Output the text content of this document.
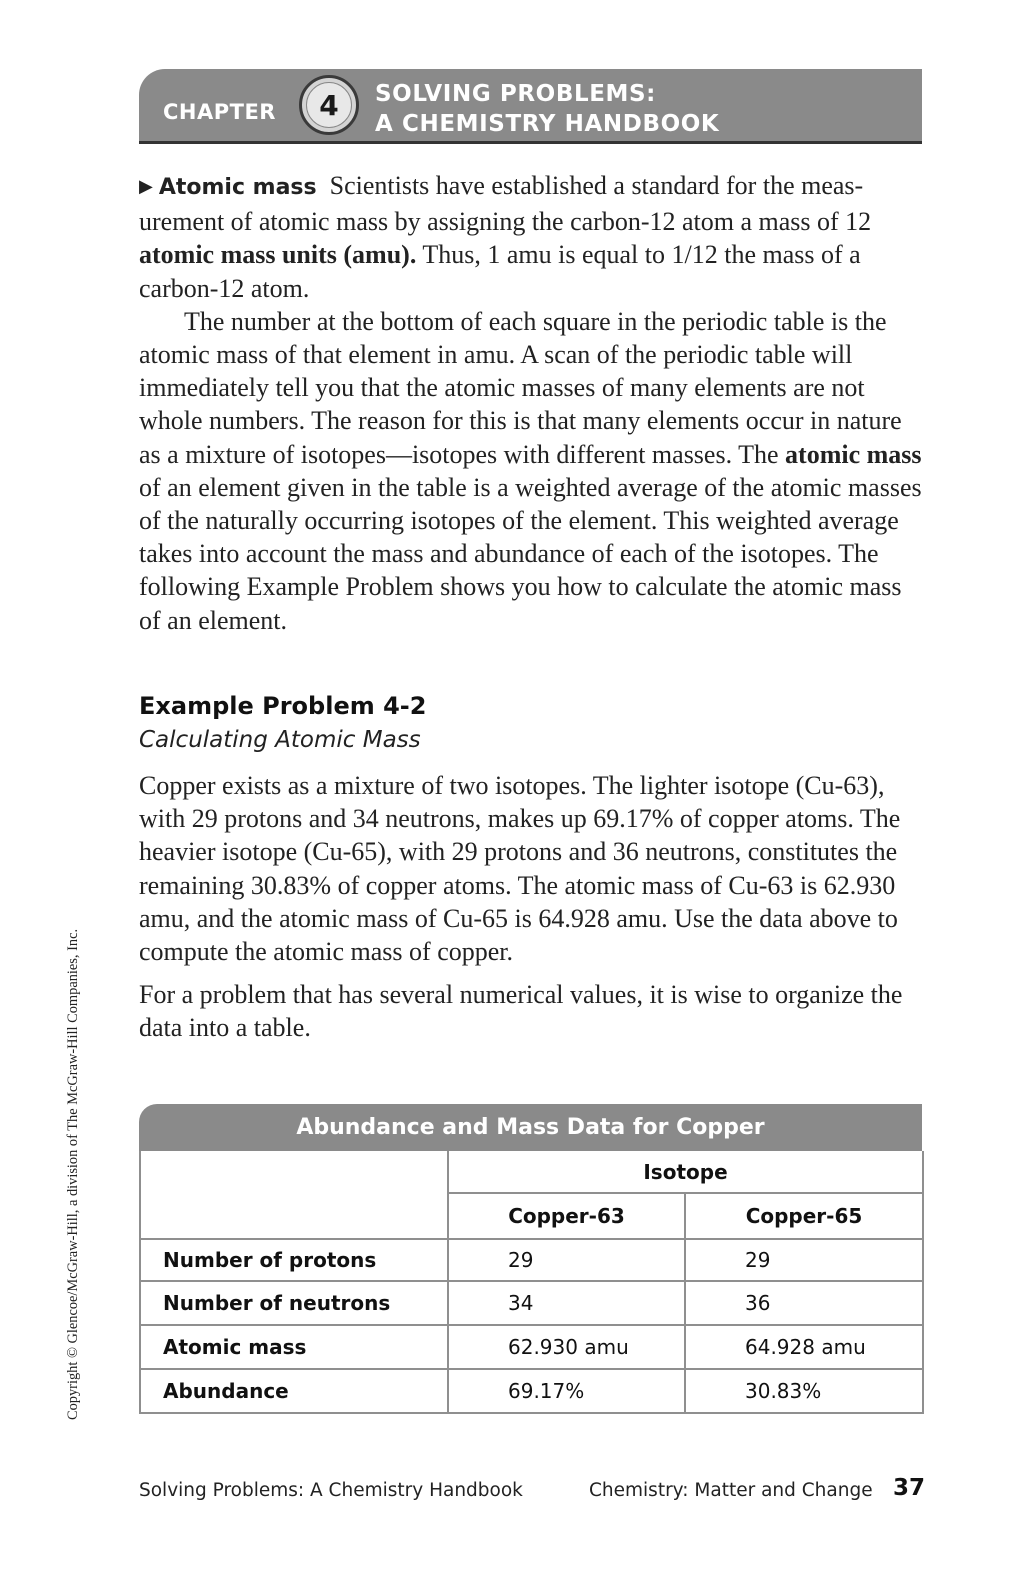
CHAPTER	4	SOLVING PROBLEMS:
A CHEMISTRY HANDBOOK

▶ Atomic mass Scientists have established a standard for the meas-urement of atomic mass by assigning the carbon-12 atom a mass of 12 atomic mass units (amu). Thus, 1 amu is equal to 1/12 the mass of a carbon-12 atom.

The number at the bottom of each square in the periodic table is the atomic mass of that element in amu. A scan of the periodic table will immediately tell you that the atomic masses of many elements are not whole numbers. The reason for this is that many elements occur in nature as a mixture of isotopes—isotopes with different masses. The atomic mass of an element given in the table is a weighted average of the atomic masses of the naturally occurring isotopes of the element. This weighted average takes into account the mass and abundance of each of the isotopes. The following Example Problem shows you how to calculate the atomic mass of an element.

Example Problem 4-2
Calculating Atomic Mass

Copper exists as a mixture of two isotopes. The lighter isotope (Cu-63), with 29 protons and 34 neutrons, makes up 69.17% of copper atoms. The heavier isotope (Cu-65), with 29 protons and 36 neutrons, constitutes the remaining 30.83% of copper atoms. The atomic mass of Cu-63 is 62.930 amu, and the atomic mass of Cu-65 is 64.928 amu. Use the data above to compute the atomic mass of copper.

For a problem that has several numerical values, it is wise to organize the data into a table.

Abundance and Mass Data for Copper
	Isotope	
	Copper-63	Copper-65
Number of protons	29	29
Number of neutrons	34	36
Atomic mass	62.930 amu	64.928 amu
Abundance	69.17%	30.83%
Copyright © Glencoe/McGraw-Hill, a division of The McGraw-Hill Companies, Inc.
Solving Problems: A Chemistry Handbook	Chemistry: Matter and Change 37
